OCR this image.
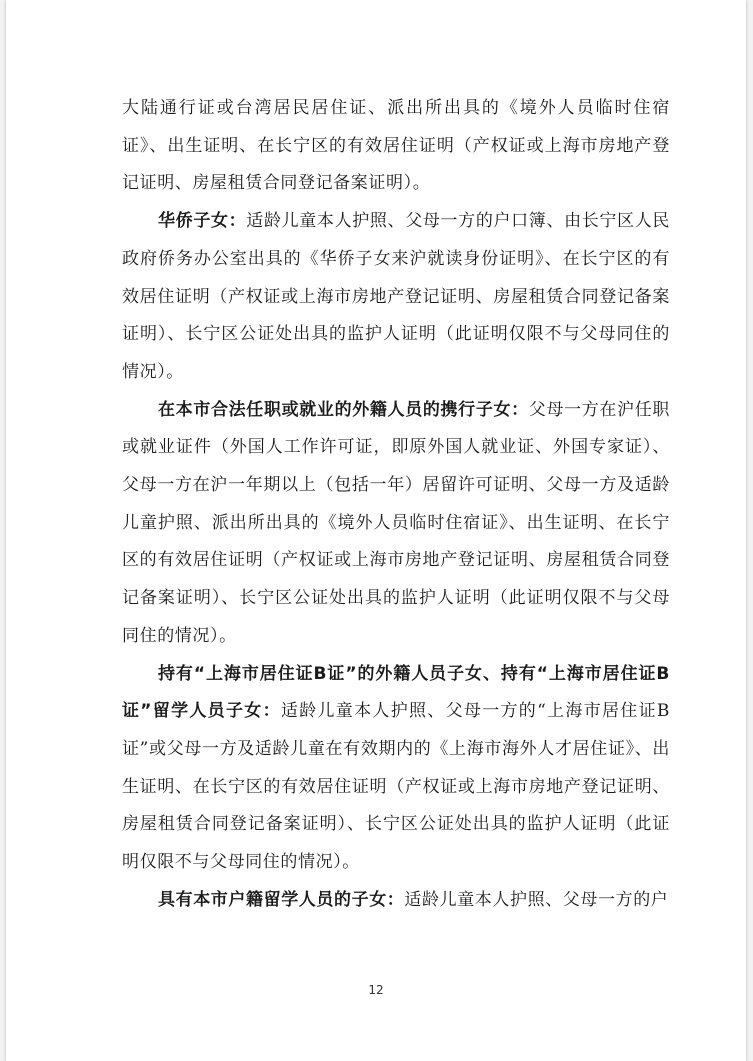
大陆通行证或台湾居民居住证、派出所出具的《境外人员临时住宿证》、出生证明、在长宁区的有效居住证明（产权证或上海市房地产登记证明、房屋租赁合同登记备案证明）。

华侨子女：适龄儿童本人护照、父母一方的户口簿、由长宁区人民政府侨务办公室出具的《华侨子女来沪就读身份证明》、在长宁区的有效居住证明（产权证或上海市房地产登记证明、房屋租赁合同登记备案证明）、长宁区公证处出具的监护人证明（此证明仅限不与父母同住的情况）。

在本市合法任职或就业的外籍人员的携行子女：父母一方在沪任职或就业证件（外国人工作许可证，即原外国人就业证、外国专家证）、父母一方在沪一年期以上（包括一年）居留许可证明、父母一方及适龄儿童护照、派出所出具的《境外人员临时住宿证》、出生证明、在长宁区的有效居住证明（产权证或上海市房地产登记证明、房屋租赁合同登记备案证明）、长宁区公证处出具的监护人证明（此证明仅限不与父母同住的情况）。

持有“上海市居住证B证”的外籍人员子女、持有“上海市居住证B证”留学人员子女：适龄儿童本人护照、父母一方的“上海市居住证B证”或父母一方及适龄儿童在有效期内的《上海市海外人才居住证》、出生证明、在长宁区的有效居住证明（产权证或上海市房地产登记证明、房屋租赁合同登记备案证明）、长宁区公证处出具的监护人证明（此证明仅限不与父母同住的情况）。

具有本市户籍留学人员的子女：适龄儿童本人护照、父母一方的户

12
